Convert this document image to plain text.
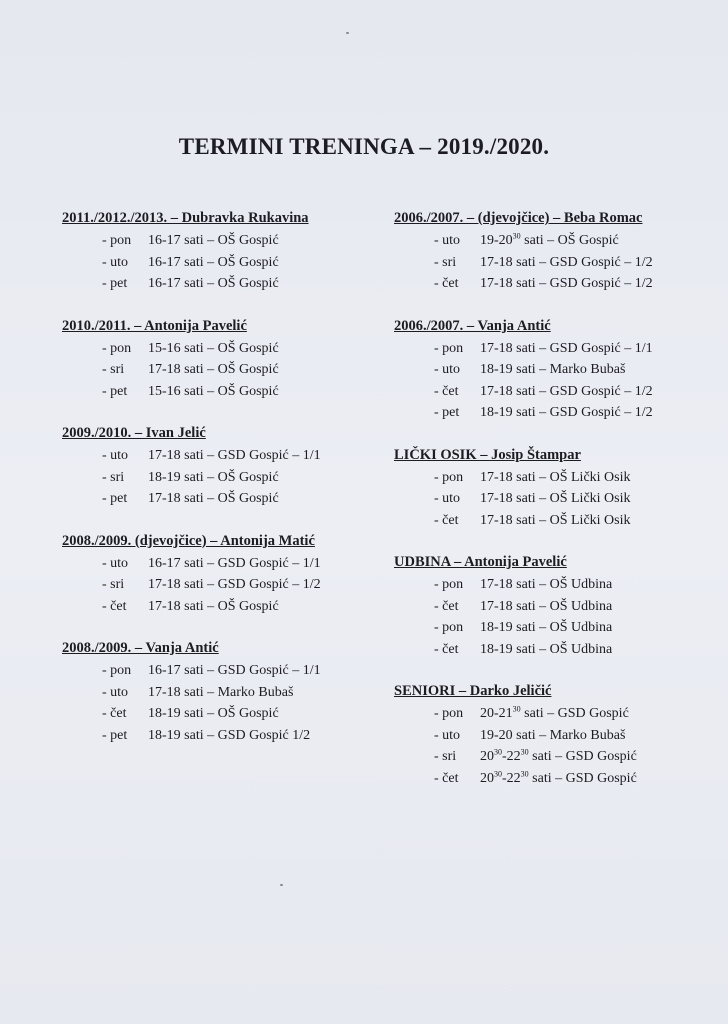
TERMINI TRENINGA – 2019./2020.
2011./2012./2013. – Dubravka Rukavina
- pon	16-17 sati – OŠ Gospić
- uto	16-17 sati – OŠ Gospić
- pet	16-17 sati – OŠ Gospić
2010./2011. – Antonija Pavelić
- pon	15-16 sati – OŠ Gospić
- sri	17-18 sati – OŠ Gospić
- pet	15-16 sati – OŠ Gospić
2009./2010. – Ivan Jelić
- uto	17-18 sati – GSD Gospić – 1/1
- sri	18-19 sati – OŠ Gospić
- pet	17-18 sati – OŠ Gospić
2008./2009. (djevojčice) – Antonija Matić
- uto	16-17 sati – GSD Gospić – 1/1
- sri	17-18 sati – GSD Gospić – 1/2
- čet	17-18 sati – OŠ Gospić
2008./2009. – Vanja Antić
- pon	16-17 sati – GSD Gospić – 1/1
- uto	17-18 sati – Marko Bubaš
- čet	18-19 sati – OŠ Gospić
- pet	18-19 sati – GSD Gospić 1/2
2006./2007. – (djevojčice) – Beba Romac
- uto	$19-20^{30}$ sati – OŠ Gospić
- sri	17-18 sati – GSD Gospić – 1/2
- čet	17-18 sati – GSD Gospić – 1/2
2006./2007. – Vanja Antić
- pon	17-18 sati – GSD Gospić – 1/1
- uto	18-19 sati – Marko Bubaš
- čet	17-18 sati – GSD Gospić – 1/2
- pet	18-19 sati – GSD Gospić – 1/2
LIČKI OSIK – Josip Štampar
- pon	17-18 sati – OŠ Lički Osik
- uto	17-18 sati – OŠ Lički Osik
- čet	17-18 sati – OŠ Lički Osik
UDBINA – Antonija Pavelić
- pon	17-18 sati – OŠ Udbina
- čet	17-18 sati – OŠ Udbina
- pon	18-19 sati – OŠ Udbina
- čet	18-19 sati – OŠ Udbina
SENIORI – Darko Jeličić
- pon	$20-21^{30}$ sati – GSD Gospić
- uto	19-20 sati – Marko Bubaš
- sri	$20^{30}-22^{30}$ sati – GSD Gospić
- čet	$20^{30}-22^{30}$ sati – GSD Gospić
